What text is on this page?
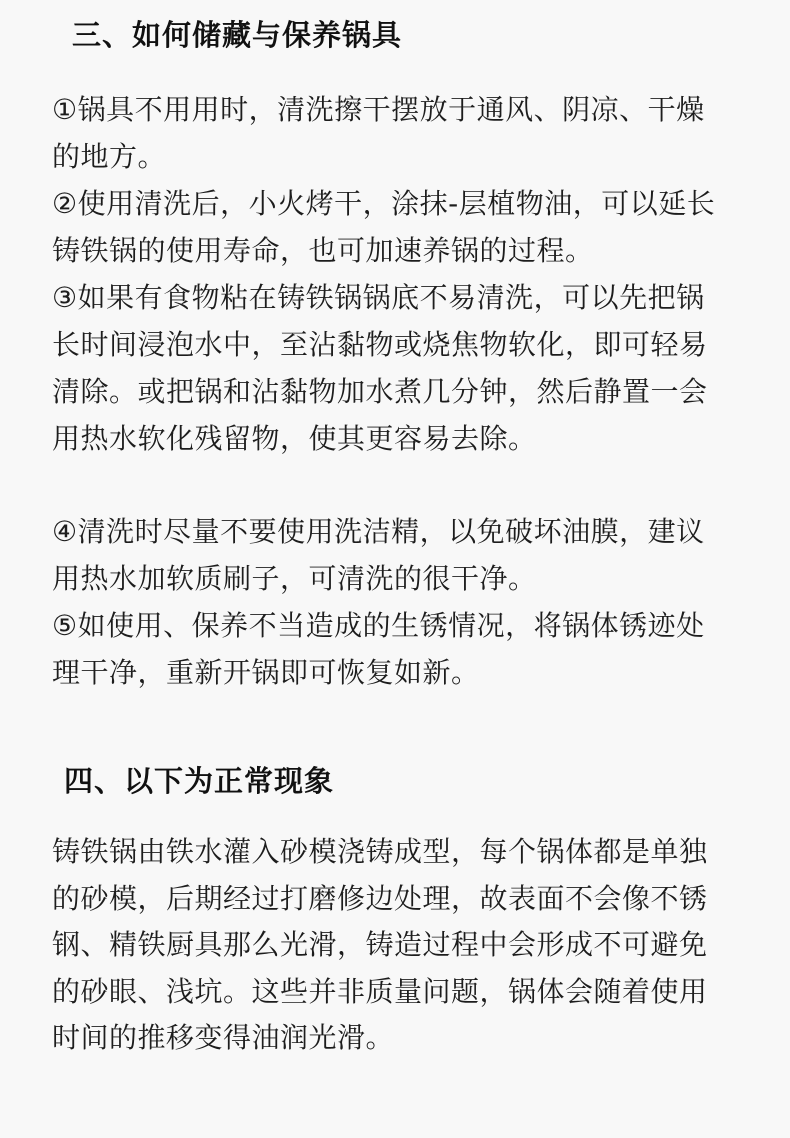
三、如何储藏与保养锅具

①锅具不用用时，清洗擦干摆放于通风、阴凉、干燥的地方。

②使用清洗后，小火烤干，涂抹-层植物油，可以延长铸铁锅的使用寿命，也可加速养锅的过程。

③如果有食物粘在铸铁锅锅底不易清洗，可以先把锅长时间浸泡水中，至沾黏物或烧焦物软化，即可轻易清除。或把锅和沾黏物加水煮几分钟，然后静置一会用热水软化残留物，使其更容易去除。

④清洗时尽量不要使用洗洁精，以免破坏油膜，建议用热水加软质刷子，可清洗的很干净。

⑤如使用、保养不当造成的生锈情况，将锅体锈迹处理干净，重新开锅即可恢复如新。

四、以下为正常现象

铸铁锅由铁水灌入砂模浇铸成型，每个锅体都是单独的砂模，后期经过打磨修边处理，故表面不会像不锈钢、精铁厨具那么光滑，铸造过程中会形成不可避免的砂眼、浅坑。这些并非质量问题，锅体会随着使用时间的推移变得油润光滑。
